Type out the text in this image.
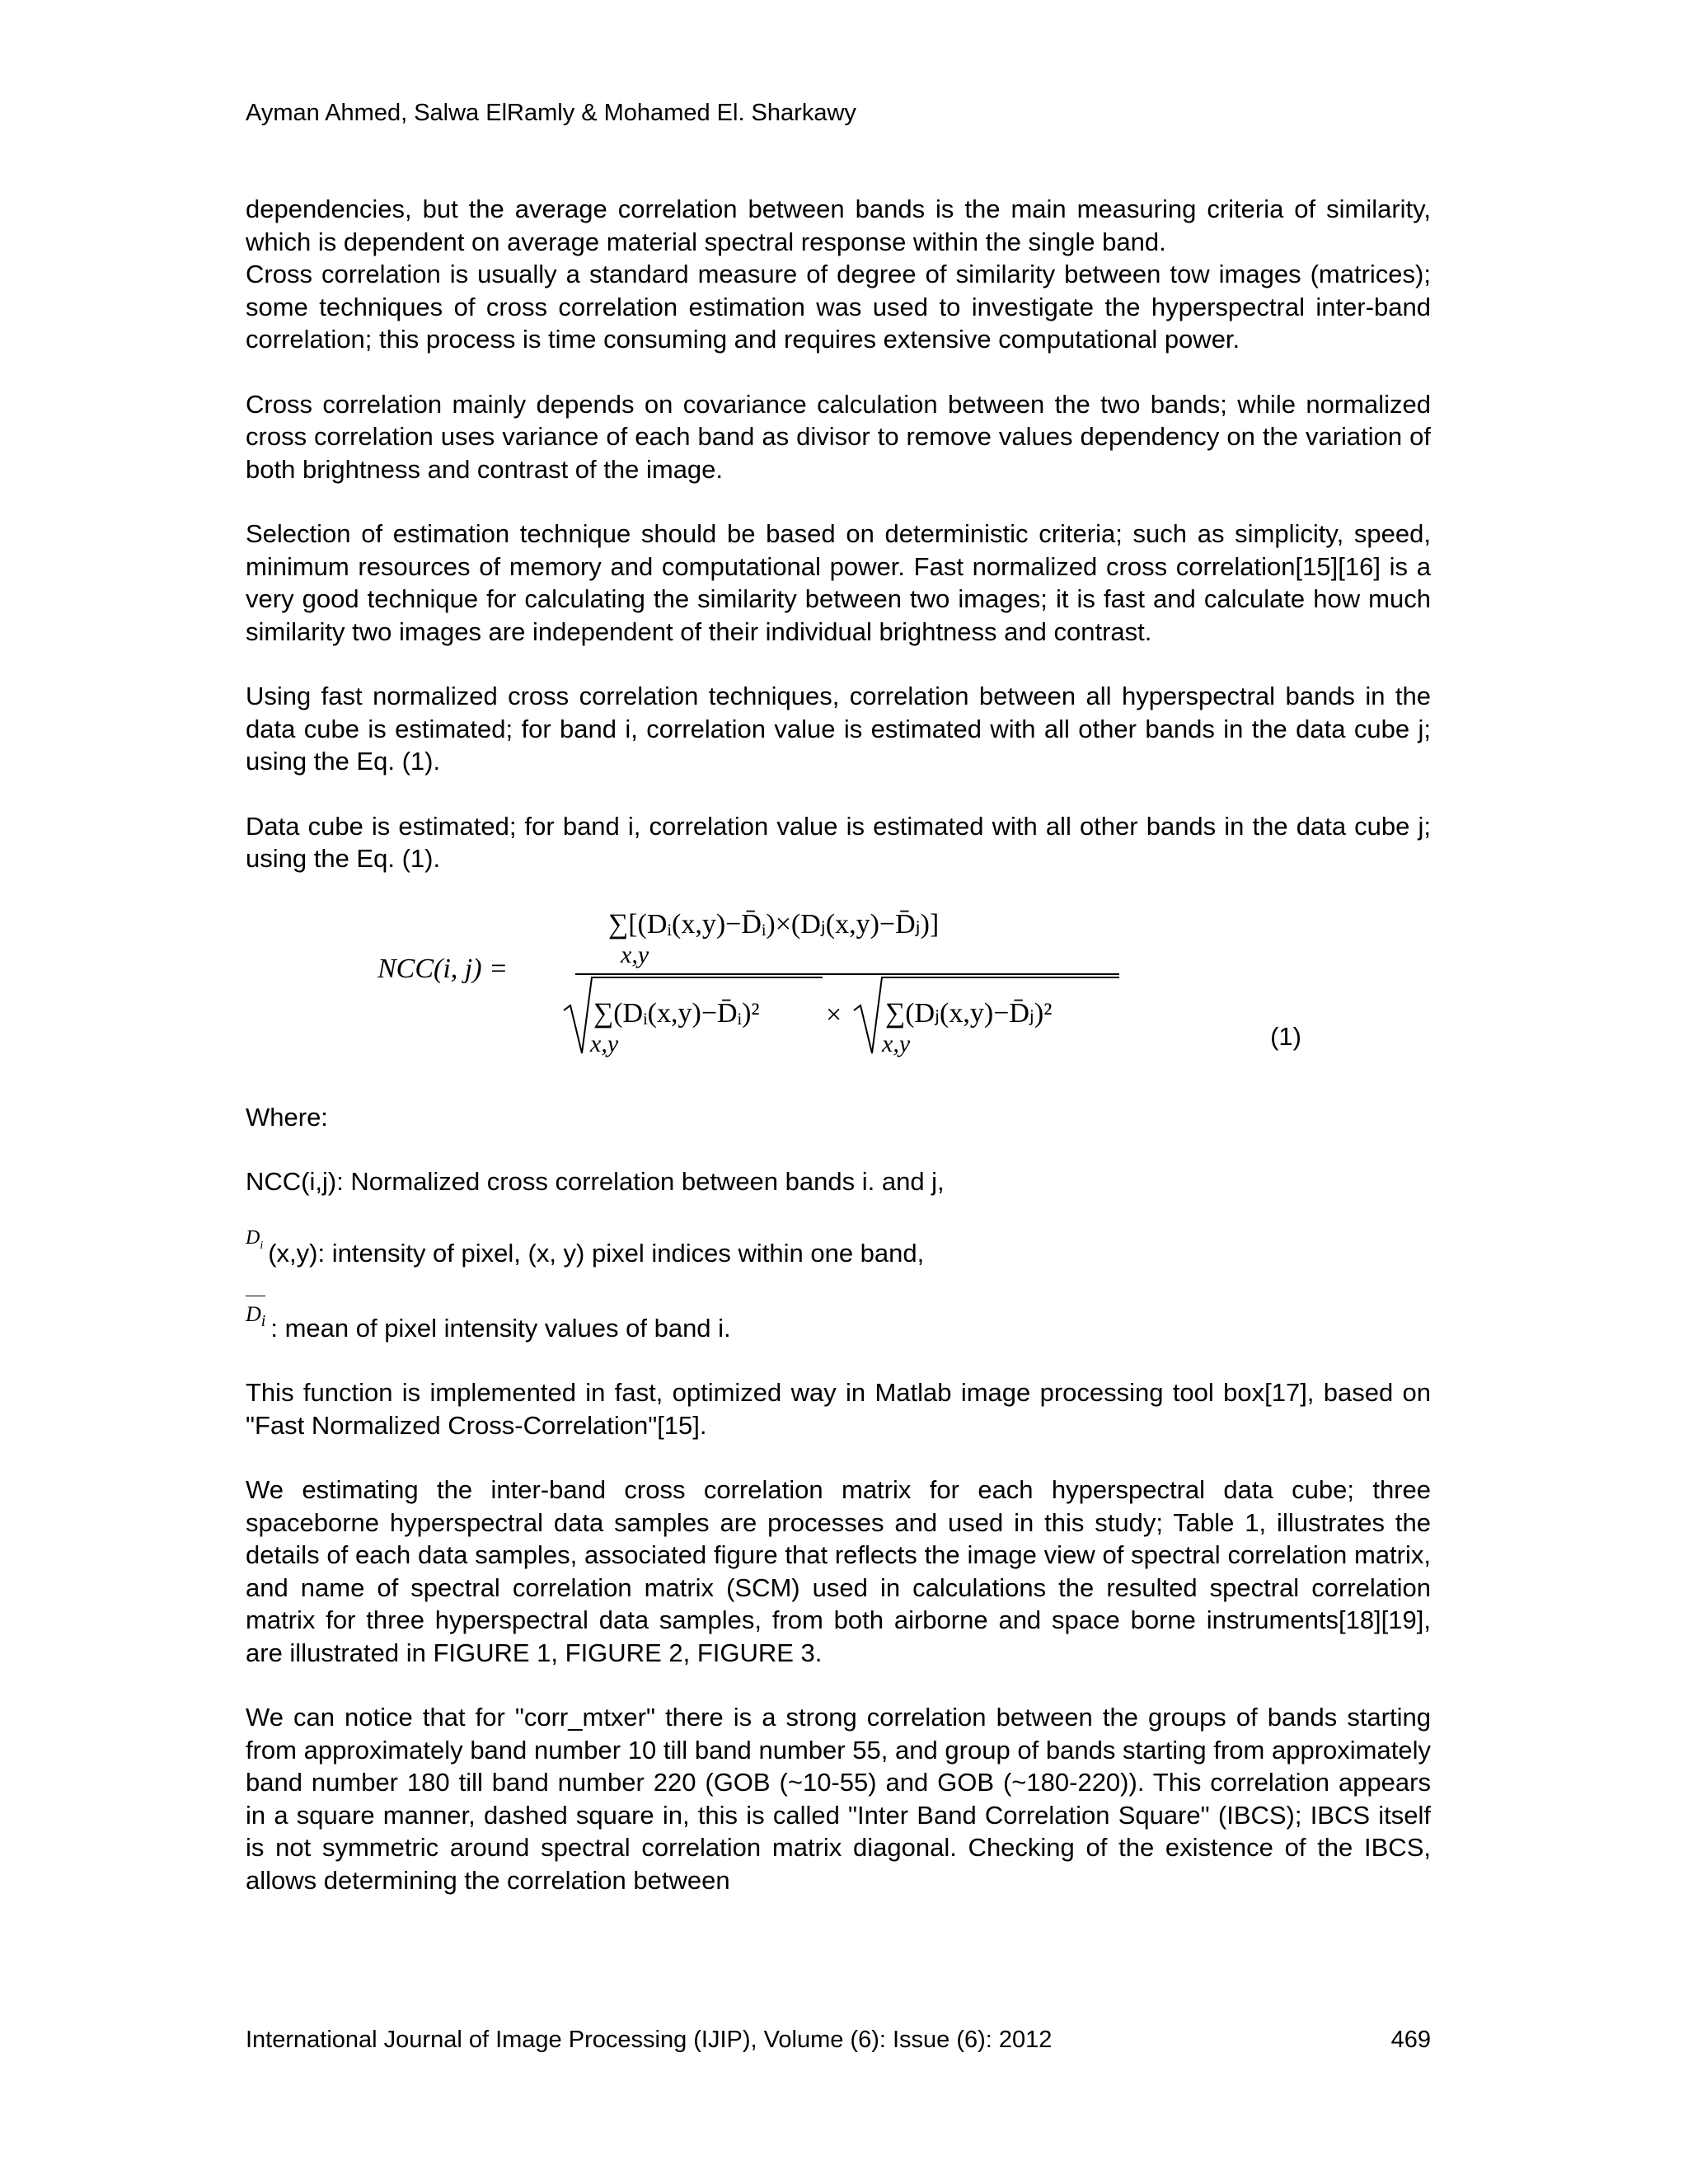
Ayman Ahmed, Salwa ElRamly & Mohamed El. Sharkawy

dependencies, but the average correlation between bands is the main measuring criteria of similarity, which is dependent on average material spectral response within the single band.

Cross correlation is usually a standard measure of degree of similarity between tow images (matrices); some techniques of cross correlation estimation was used to investigate the hyperspectral inter-band correlation; this process is time consuming and requires extensive computational power.

Cross correlation mainly depends on covariance calculation between the two bands; while normalized cross correlation uses variance of each band as divisor to remove values dependency on the variation of both brightness and contrast of the image.

Selection of estimation technique should be based on deterministic criteria; such as simplicity, speed, minimum resources of memory and computational power. Fast normalized cross correlation[15][16] is a very good technique for calculating the similarity between two images; it is fast and calculate how much similarity two images are independent of their individual brightness and contrast.

Using fast normalized cross correlation techniques, correlation between all hyperspectral bands in the data cube is estimated; for band i, correlation value is estimated with all other bands in the data cube j; using the Eq. (1).

Data cube is estimated; for band i, correlation value is estimated with all other bands in the data cube j; using the Eq. (1).

NCC(i, j) =
∑[(Dᵢ(x,y)−D̄ᵢ)×(Dⱼ(x,y)−D̄ⱼ)]
x,y
∑(Dᵢ(x,y)−D̄ᵢ)²
x,y
× ∑(Dⱼ(x,y)−D̄ⱼ)²
x,y	(1)

Where:

NCC(i,j): Normalized cross correlation between bands i. and j,

$D_i$ (x,y): intensity of pixel, (x, y) pixel indices within one band,

$D_i$ : mean of pixel intensity values of band i.

This function is implemented in fast, optimized way in Matlab image processing tool box[17], based on "Fast Normalized Cross-Correlation"[15].

We estimating the inter-band cross correlation matrix for each hyperspectral data cube; three spaceborne hyperspectral data samples are processes and used in this study; Table 1, illustrates the details of each data samples, associated figure that reflects the image view of spectral correlation matrix, and name of spectral correlation matrix (SCM) used in calculations the resulted spectral correlation matrix for three hyperspectral data samples, from both airborne and space borne instruments[18][19], are illustrated in FIGURE 1, FIGURE 2, FIGURE 3.

We can notice that for "corr_mtxer" there is a strong correlation between the groups of bands starting from approximately band number 10 till band number 55, and group of bands starting from approximately band number 180 till band number 220 (GOB (~10-55) and GOB (~180-220)). This correlation appears in a square manner, dashed square in, this is called "Inter Band Correlation Square" (IBCS); IBCS itself is not symmetric around spectral correlation matrix diagonal. Checking of the existence of the IBCS, allows determining the correlation between

International Journal of Image Processing (IJIP), Volume (6): Issue (6): 2012	469
